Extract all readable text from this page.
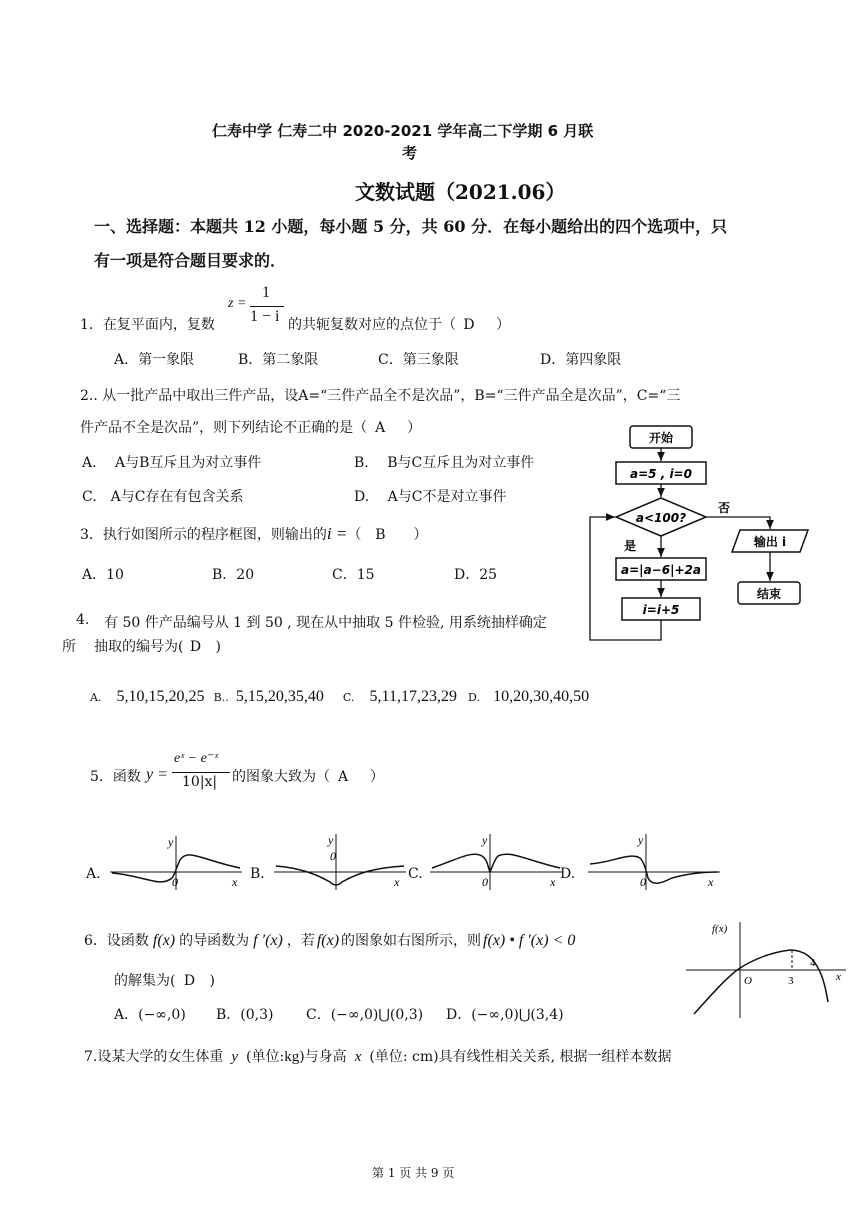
仁寿中学 仁寿二中 2020-2021 学年高二下学期 6 月联
考
文数试题（2021.06）
一、选择题：本题共 12 小题，每小题 5 分，共 60 分．在每小题给出的四个选项中，只
有一项是符合题目要求的．
1．在复平面内，复数
z =
1
1 − i 的共轭复数对应的点位于（ D ）
A．第一象限	B．第二象限	C．第三象限	D．第四象限
2.. 从一批产品中取出三件产品，设A=“三件产品全不是次品”，B=“三件产品全是次品”，C=“三
件产品不全是次品”，则下列结论不正确的是（ A ）
A.　 A与B互斥且为对立事件	B.　 B与C互斥且为对立事件
C.　A与C存在有包含关系	D.　 A与C不是对立事件
3．执行如图所示的程序框图，则输出的i =（ B ）
A．10	B．20	C．15	D．25
开始
a=5 , i=0
a<100?
否
是
a=|a−6|+2a
i=i+5
输出 i
结束
4. 有 50 件产品编号从 1 到 50 , 现在从中抽取 5 件检验, 用系统抽样确定
所 抽取的编号为( D )
A. 5,10,15,20,25 B.. 5,15,20,35,40 C. 5,11,17,23,29 D. 10,20,30,40,50
5．函数 y =
eˣ − e⁻ˣ
10|x| 的图象大致为（ A ）
A.
y
0	x B.
y
0
x C.
y
0	x D.
y
0	x
6．设函数 f(x) 的导函数为 f ′(x) ，若 f(x) 的图象如右图所示，则 f(x) • f ′(x) < 0
的解集为( D )
A．(−∞,0) B．(0,3) C．(−∞,0)⋃(0,3) D．(−∞,0)⋃(3,4)
f(x)
O	3
4
x
7.设某大学的女生体重 y (单位:kg)与身高 x (单位: cm)具有线性相关关系, 根据一组样本数据
第 1 页 共 9 页
